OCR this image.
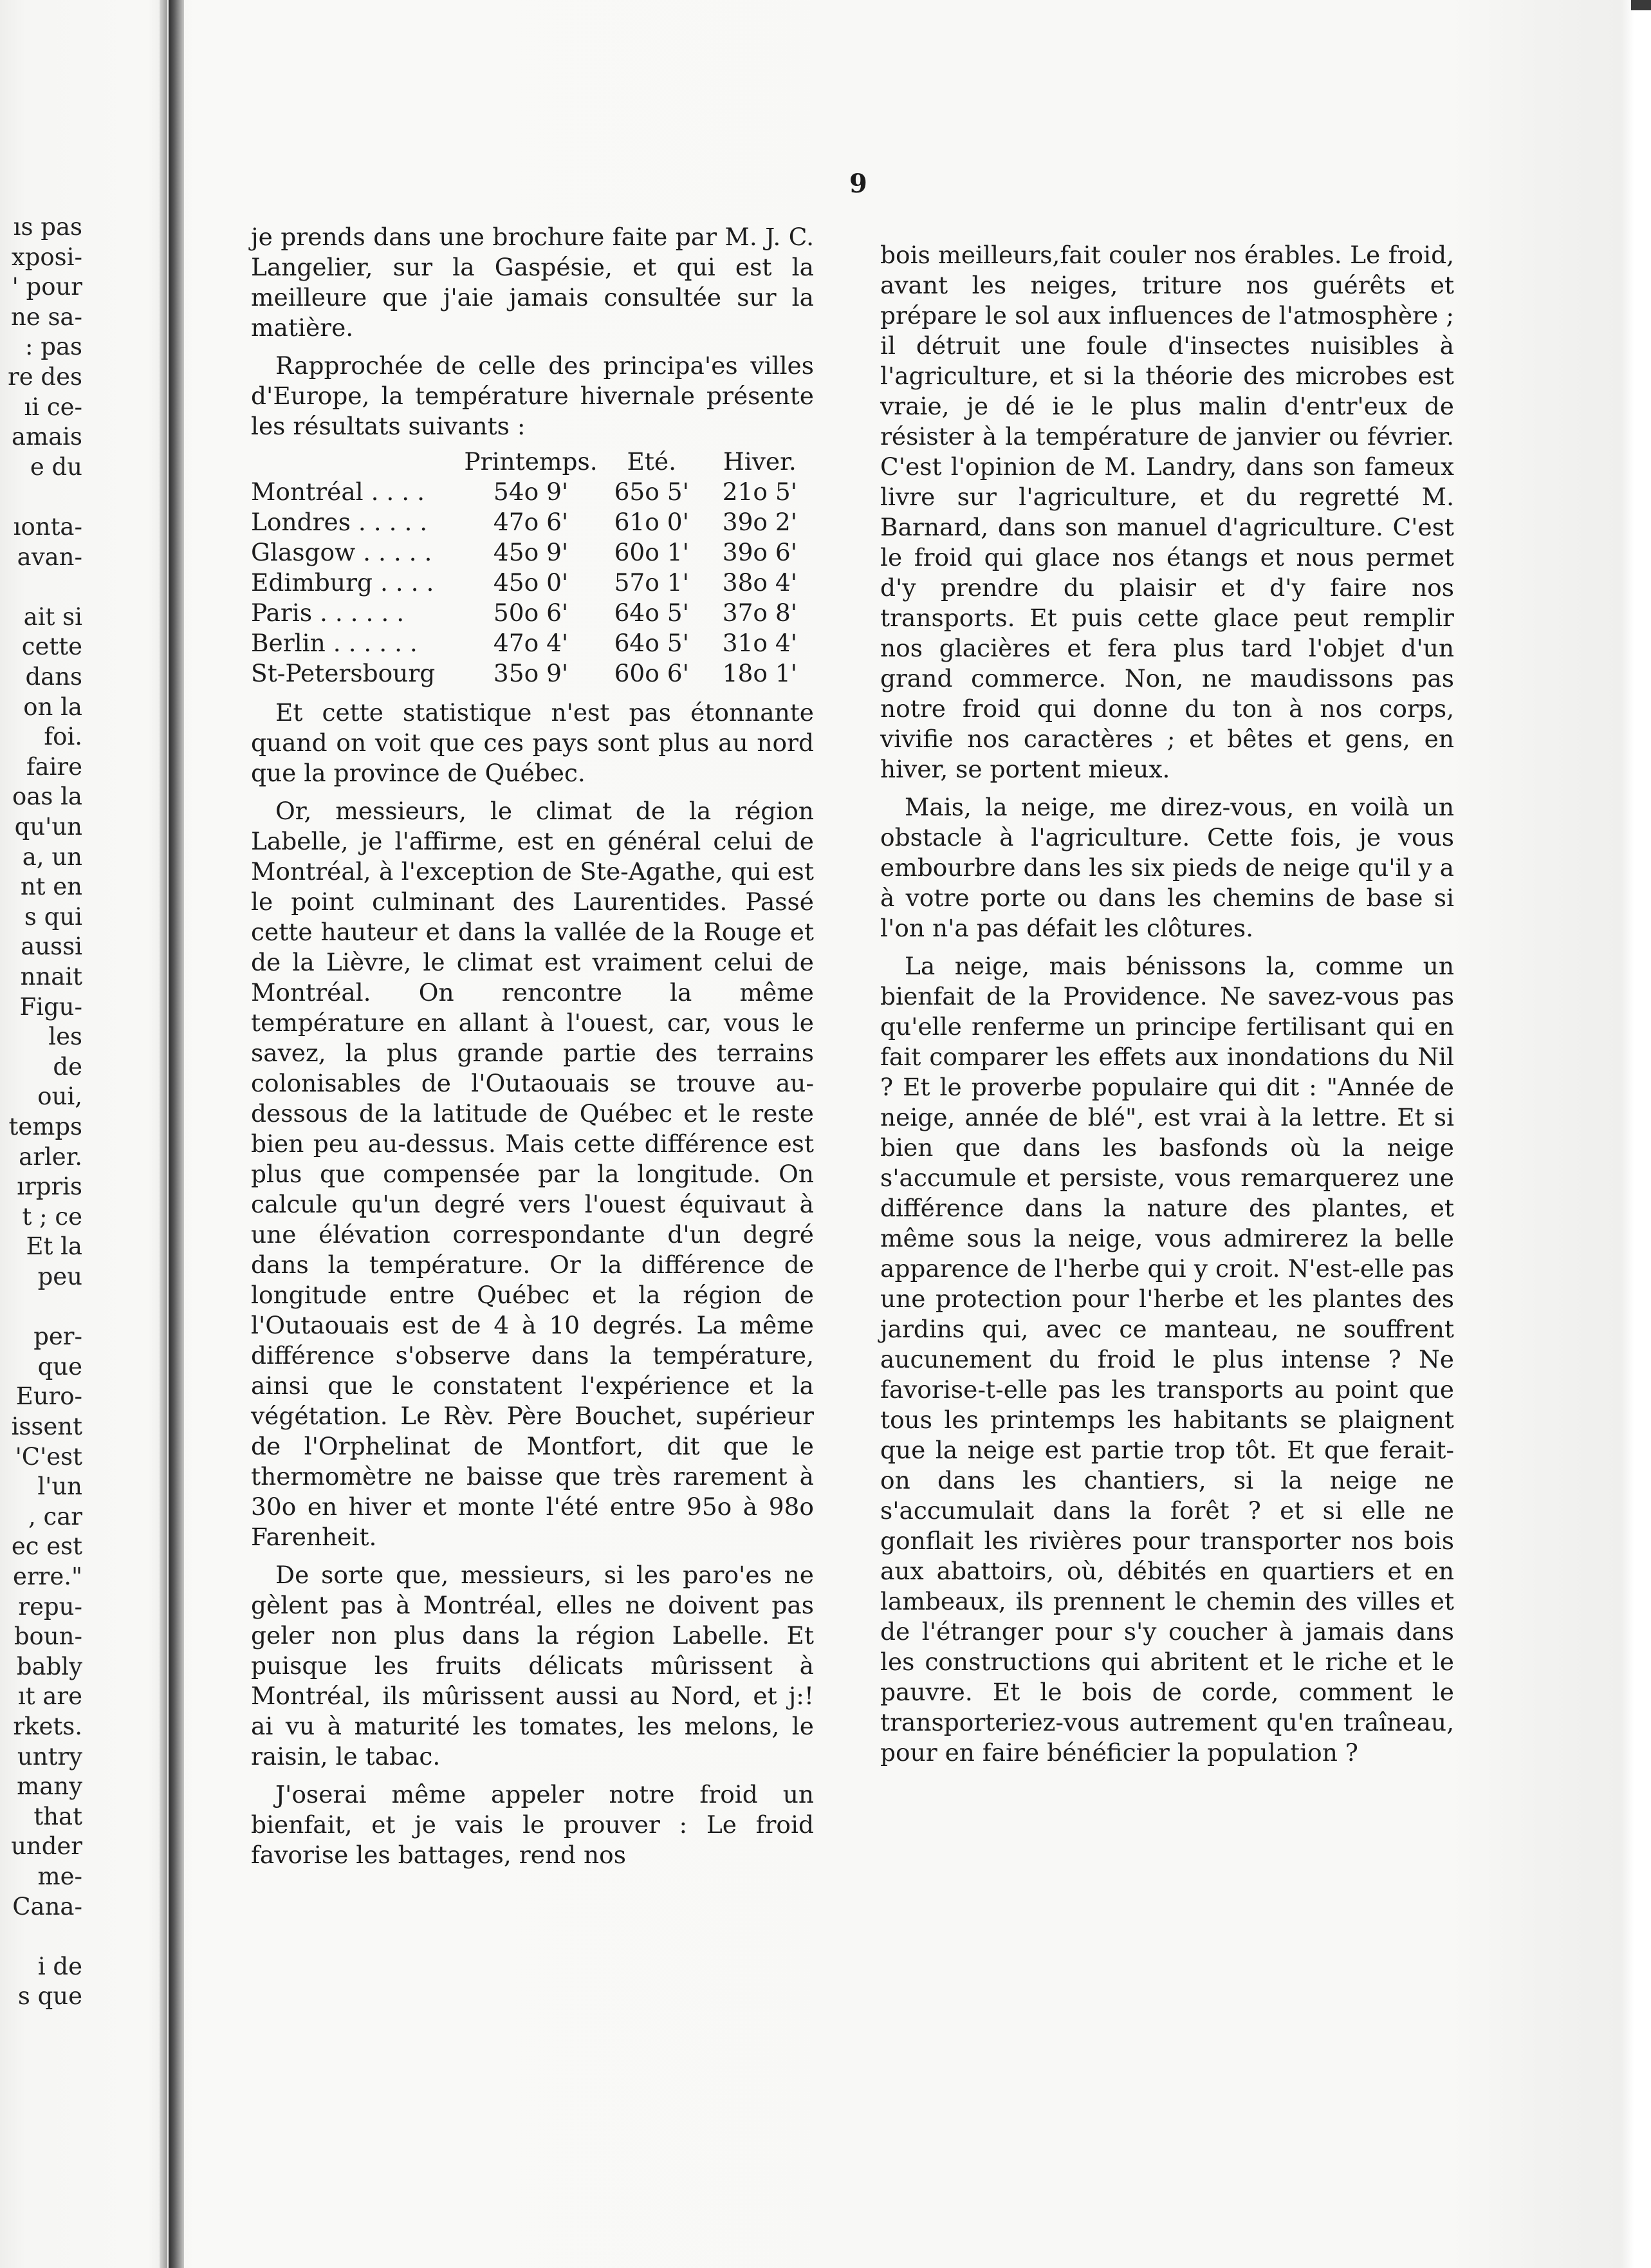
ıs pas
xposi-
' pour
ne sa-
: pas
re des
ıi ce-
amais
e du
ıonta-
avan-
ait si
cette
dans
on la
foi.
faire
oas la
qu'un
a, un
nt en
s qui
aussi
nnait
Figu-
les
de
oui,
temps
arler.
ırpris
t ; ce
Et la
peu
per-
que
Euro-
issent
'C'est
l'un
, car
ec est
erre."
repu-
boun-
bably
ıt are
rkets.
untry
many
that
under
me-
Cana-
i de
s que
9

je prends dans une brochure faite par M. J. C. Langelier, sur la Gaspésie, et qui est la meilleure que j'aie jamais consultée sur la matière.

Rapprochée de celle des principa'es villes d'Europe, la température hivernale présente les résultats suivants :

	Printemps.	Eté.	Hiver.
Montréal . . . .	54o 9'	65o 5'	21o 5'
Londres . . . . .	47o 6'	61o 0'	39o 2'
Glasgow . . . . .	45o 9'	60o 1'	39o 6'
Edimburg . . . .	45o 0'	57o 1'	38o 4'
Paris . . . . . .	50o 6'	64o 5'	37o 8'
Berlin . . . . . .	47o 4'	64o 5'	31o 4'
St-Petersbourg	35o 9'	60o 6'	18o 1'

Et cette statistique n'est pas étonnante quand on voit que ces pays sont plus au nord que la province de Québec.

Or, messieurs, le climat de la région Labelle, je l'affirme, est en général celui de Montréal, à l'exception de Ste-Agathe, qui est le point culminant des Laurentides. Passé cette hauteur et dans la vallée de la Rouge et de la Lièvre, le climat est vraiment celui de Montréal. On rencontre la même température en allant à l'ouest, car, vous le savez, la plus grande partie des terrains colonisables de l'Outaouais se trouve au-dessous de la latitude de Québec et le reste bien peu au-dessus. Mais cette différence est plus que compensée par la longitude. On calcule qu'un degré vers l'ouest équivaut à une élévation correspondante d'un degré dans la température. Or la différence de longitude entre Québec et la région de l'Outaouais est de 4 à 10 degrés. La même différence s'observe dans la température, ainsi que le constatent l'expérience et la végétation. Le Rèv. Père Bouchet, supérieur de l'Orphelinat de Montfort, dit que le thermomètre ne baisse que très rarement à 30o en hiver et monte l'été entre 95o à 98o Farenheit.

De sorte que, messieurs, si les paro'es ne gèlent pas à Montréal, elles ne doivent pas geler non plus dans la région Labelle. Et puisque les fruits délicats mûrissent à Montréal, ils mûrissent aussi au Nord, et j:! ai vu à maturité les tomates, les melons, le raisin, le tabac.

J'oserai même appeler notre froid un bienfait, et je vais le prouver : Le froid favorise les battages, rend nos

bois meilleurs,fait couler nos érables. Le froid, avant les neiges, triture nos guérêts et prépare le sol aux influences de l'atmosphère ; il détruit une foule d'insectes nuisibles à l'agriculture, et si la théorie des microbes est vraie, je dé ie le plus malin d'entr'eux de résister à la température de janvier ou février. C'est l'opinion de M. Landry, dans son fameux livre sur l'agriculture, et du regretté M. Barnard, dans son manuel d'agriculture. C'est le froid qui glace nos étangs et nous permet d'y prendre du plaisir et d'y faire nos transports. Et puis cette glace peut remplir nos glacières et fera plus tard l'objet d'un grand commerce. Non, ne maudissons pas notre froid qui donne du ton à nos corps, vivifie nos caractères ; et bêtes et gens, en hiver, se portent mieux.

Mais, la neige, me direz-vous, en voilà un obstacle à l'agriculture. Cette fois, je vous embourbre dans les six pieds de neige qu'il y a à votre porte ou dans les chemins de base si l'on n'a pas défait les clôtures.

La neige, mais bénissons la, comme un bienfait de la Providence. Ne savez-vous pas qu'elle renferme un principe fertilisant qui en fait comparer les effets aux inondations du Nil ? Et le proverbe populaire qui dit : "Année de neige, année de blé", est vrai à la lettre. Et si bien que dans les basfonds où la neige s'accumule et persiste, vous remarquerez une différence dans la nature des plantes, et même sous la neige, vous admirerez la belle apparence de l'herbe qui y croit. N'est-elle pas une protection pour l'herbe et les plantes des jardins qui, avec ce manteau, ne souffrent aucunement du froid le plus intense ? Ne favorise-t-elle pas les transports au point que tous les printemps les habitants se plaignent que la neige est partie trop tôt. Et que ferait-on dans les chantiers, si la neige ne s'accumulait dans la forêt ? et si elle ne gonflait les rivières pour transporter nos bois aux abattoirs, où, débités en quartiers et en lambeaux, ils prennent le chemin des villes et de l'étranger pour s'y coucher à jamais dans les constructions qui abritent et le riche et le pauvre. Et le bois de corde, comment le transporteriez-vous autrement qu'en traîneau, pour en faire bénéficier la population ?
